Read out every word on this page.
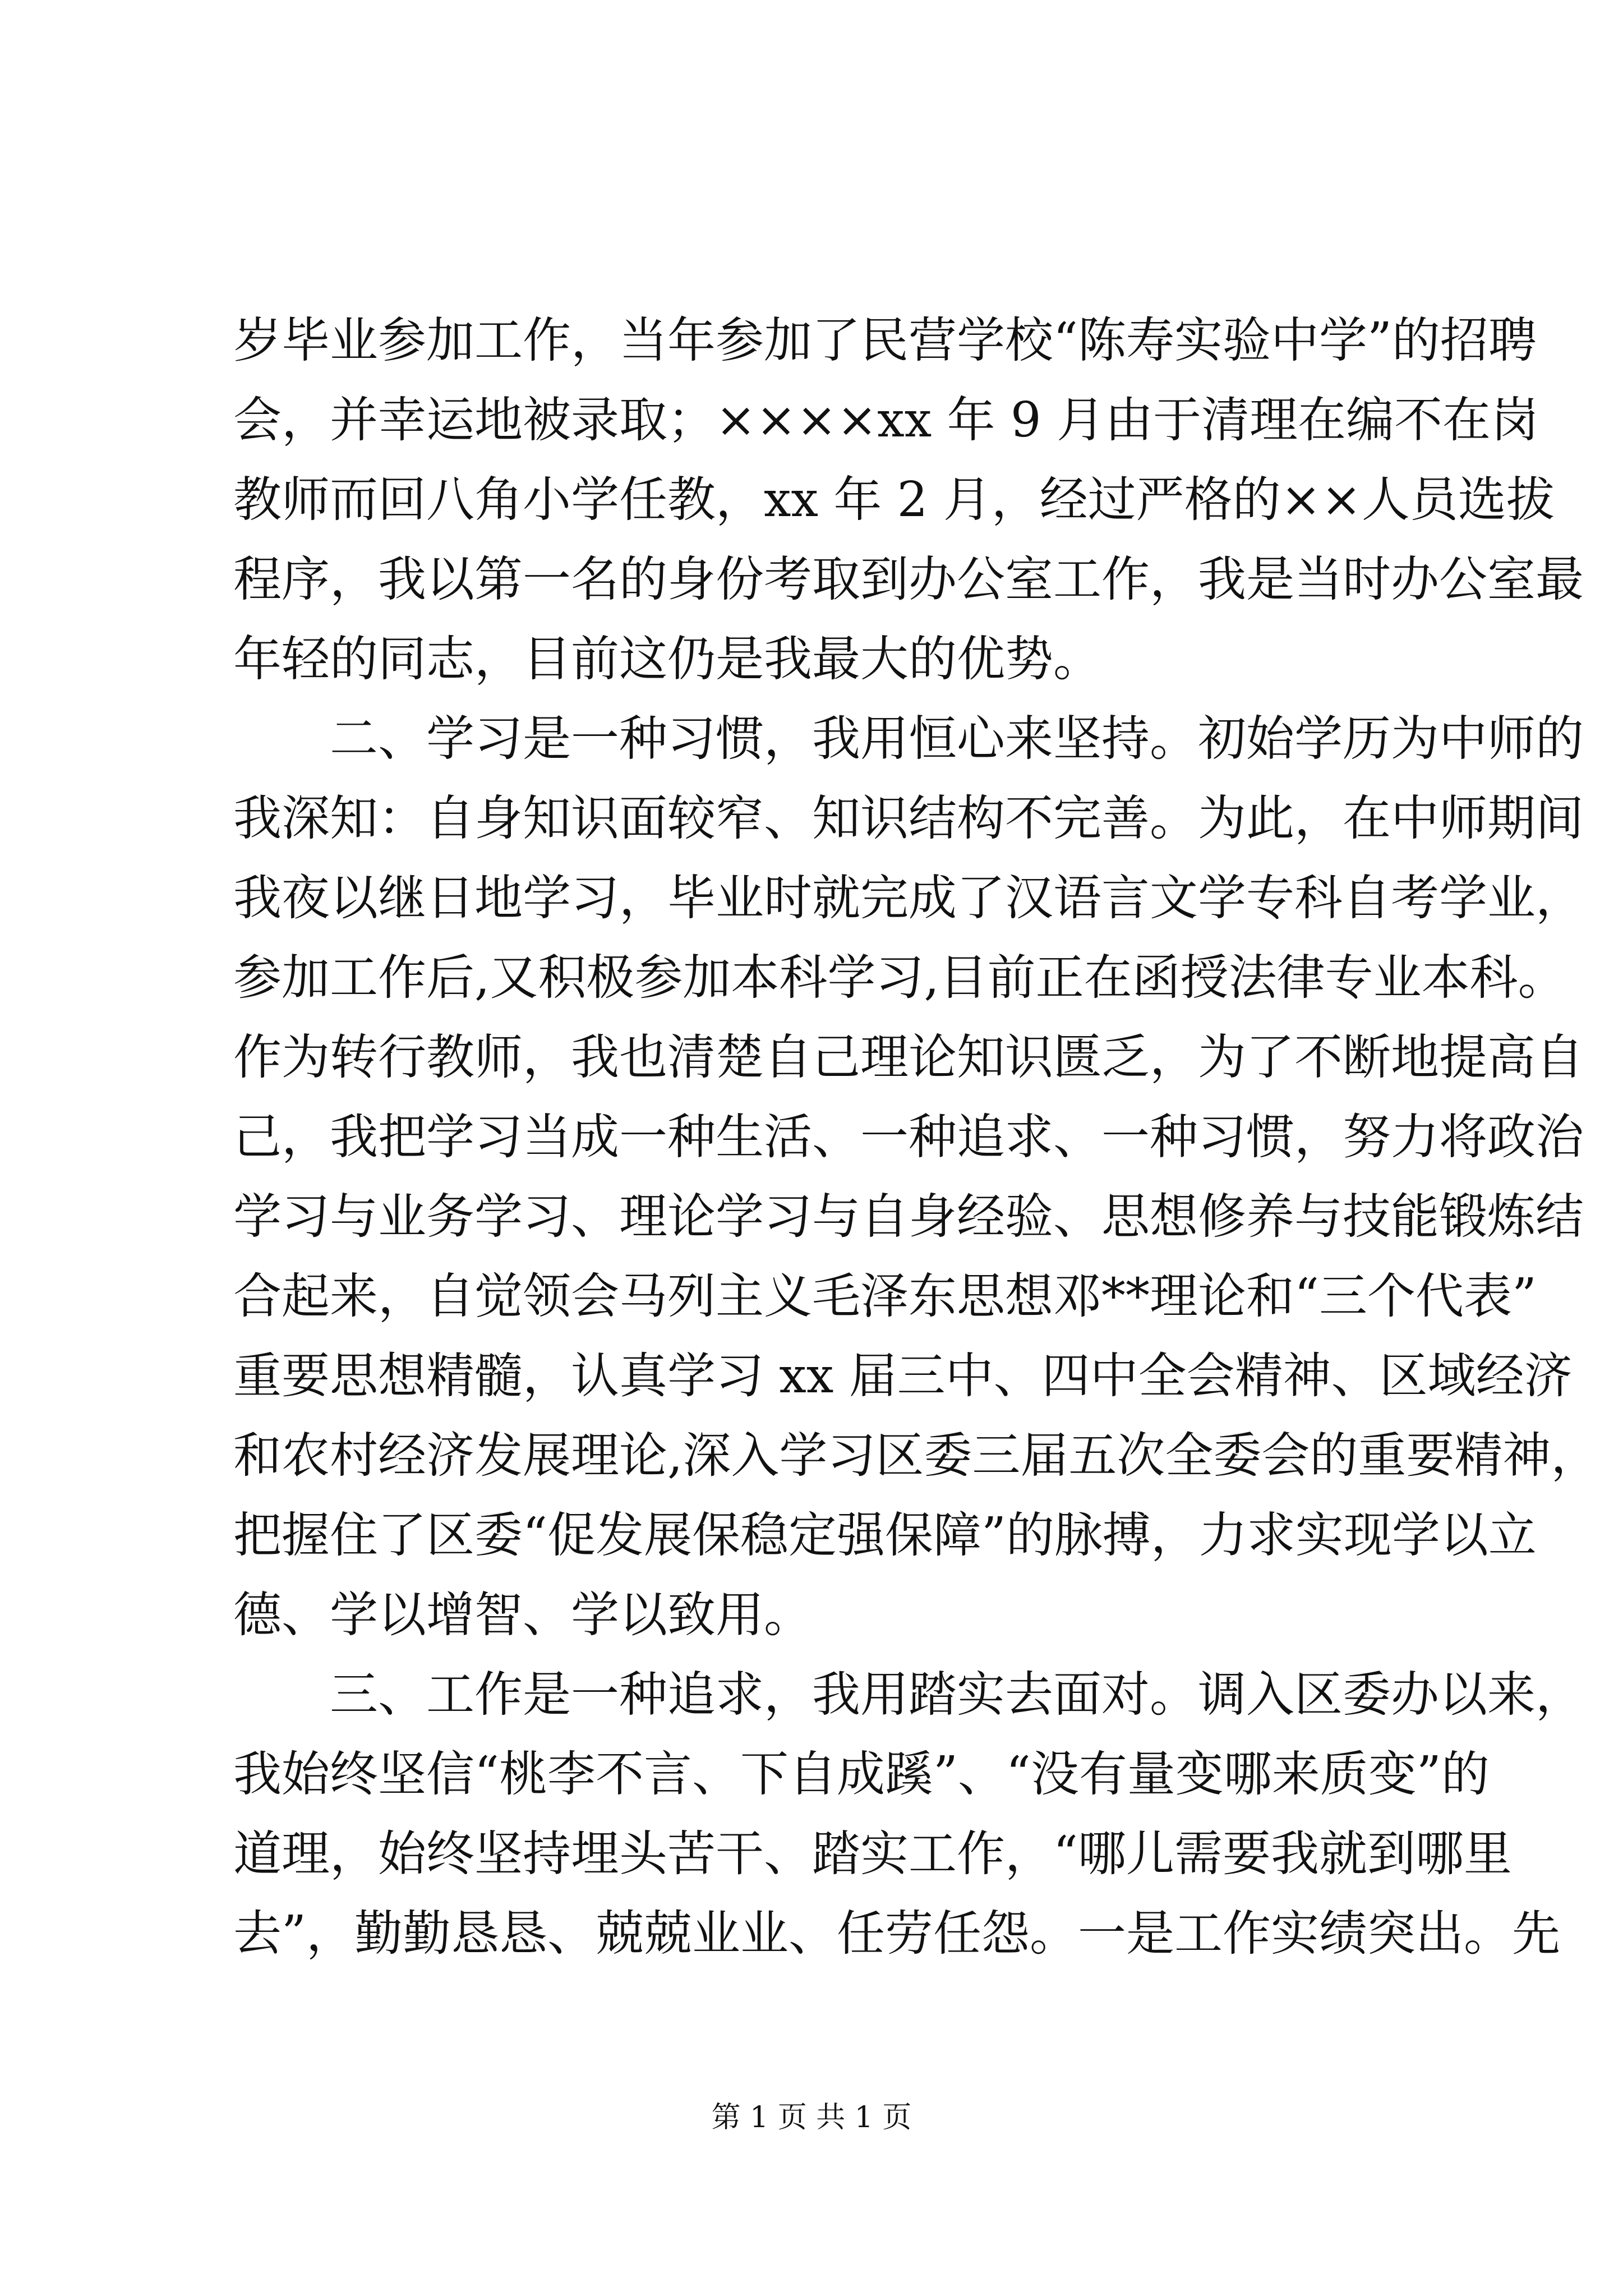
岁毕业参加工作，当年参加了民营学校“陈寿实验中学”的招聘
会，并幸运地被录取；××××xx 年 9 月由于清理在编不在岗
教师而回八角小学任教，xx 年 2 月，经过严格的××人员选拔
程序，我以第一名的身份考取到办公室工作，我是当时办公室最
年轻的同志，目前这仍是我最大的优势。
二、学习是一种习惯，我用恒心来坚持。初始学历为中师的
我深知：自身知识面较窄、知识结构不完善。为此，在中师期间
我夜以继日地学习，毕业时就完成了汉语言文学专科自考学业，
参加工作后,又积极参加本科学习,目前正在函授法律专业本科。
作为转行教师，我也清楚自己理论知识匮乏，为了不断地提高自
己，我把学习当成一种生活、一种追求、一种习惯，努力将政治
学习与业务学习、理论学习与自身经验、思想修养与技能锻炼结
合起来，自觉领会马列主义毛泽东思想邓**理论和“三个代表”
重要思想精髓，认真学习 xx 届三中、四中全会精神、区域经济
和农村经济发展理论,深入学习区委三届五次全委会的重要精神，
把握住了区委“促发展保稳定强保障”的脉搏，力求实现学以立
德、学以增智、学以致用。
三、工作是一种追求，我用踏实去面对。调入区委办以来，
我始终坚信“桃李不言、下自成蹊”、“没有量变哪来质变”的
道理，始终坚持埋头苦干、踏实工作，“哪儿需要我就到哪里
去”，勤勤恳恳、兢兢业业、任劳任怨。一是工作实绩突出。先
第 1 页 共 1 页
